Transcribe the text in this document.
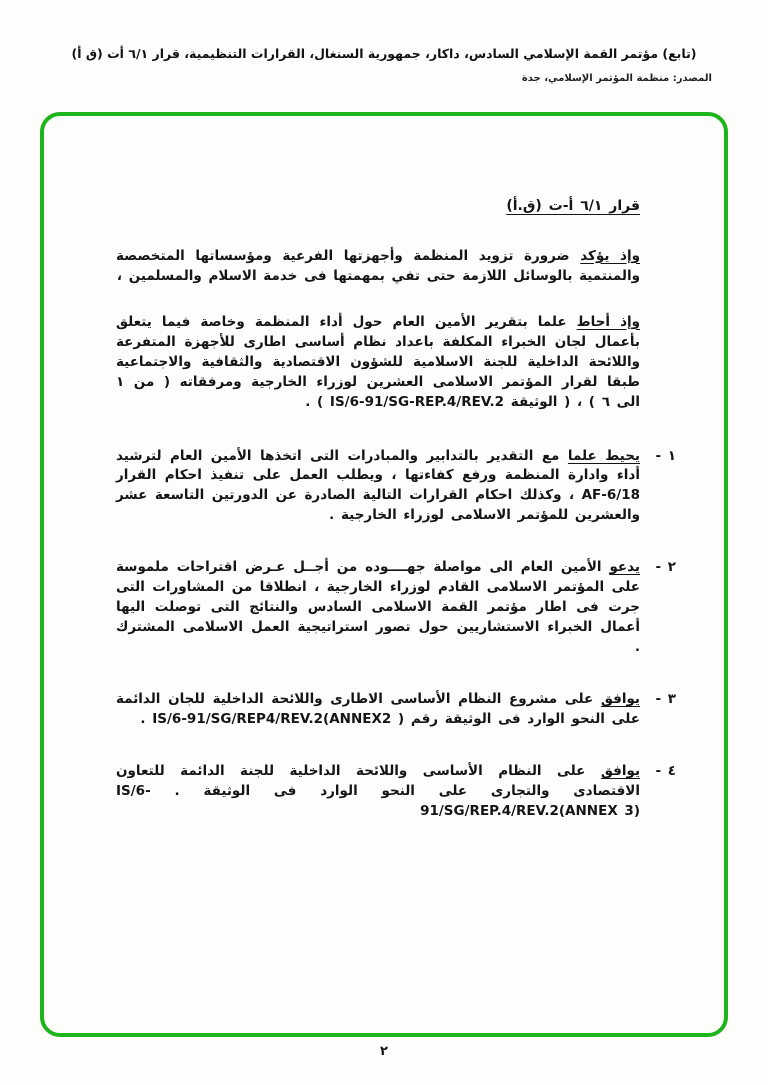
(تابع) مؤتمر القمة الإسلامي السادس، داكار، جمهورية السنغال، القرارات التنظيمية، قرار ٦/١ أت (ق أ)
المصدر: منظمة المؤتمر الإسلامي، جدة
قرار ٦/١ أ-ت (ق.أ)

وإذ يؤكد ضرورة تزويد المنظمة وأجهزتها الفرعية ومؤسساتها المتخصصة والمنتمية بالوسائل اللازمة حتى تفي بمهمتها فى خدمة الاسلام والمسلمين ،

وإذ أحاط علما بتقرير الأمين العام حول أداء المنظمة وخاصة فيما يتعلق بأعمال لجان الخبراء المكلفة باعداد نظام أساسى اطارى للأجهزة المتفرعة واللائحة الداخلية للجنة الاسلامية للشؤون الاقتصادية والثقافية والاجتماعية طبقا لقرار المؤتمر الاسلامى العشرين لوزراء الخارجية ومرفقاته ( من ١ الى ٦ ) ، ( الوثيقة IS/6-91/SG-REP.4/REV.2 ) .

١ -

يحيط علما مع التقدير بالتدابير والمبادرات التى اتخذها الأمين العام لترشيد أداء وادارة المنظمة ورفع كفاءتها ، ويطلب العمل على تنفيذ احكام القرار 6/18-AF ، وكذلك احكام القرارات التالية الصادرة عن الدورتين التاسعة عشر والعشرين للمؤتمر الاسلامى لوزراء الخارجية .

٢ -

يدعو الأمين العام الى مواصلة جهــــوده من أجــل عـرض اقتراحات ملموسة على المؤتمر الاسلامى القادم لوزراء الخارجية ، انطلاقا من المشاورات التى جرت فى اطار مؤتمر القمة الاسلامى السادس والنتائج التى توصلت اليها أعمال الخبراء الاستشاريين حول تصور استراتيجية العمل الاسلامى المشترك .

٣ -

يوافق على مشروع النظام الأساسى الاطارى واللائحة الداخلية للجان الدائمة على النحو الوارد فى الوثيقة رقم ( IS/6-91/SG/REP4/REV.2(ANNEX2 .

٤ -

يوافق على النظام الأساسى واللائحة الداخلية للجنة الدائمة للتعاون الاقتصادى والتجارى على النحو الوارد فى الوثيقة . IS/6-91/SG/REP.4/REV.2(ANNEX 3)

٢
